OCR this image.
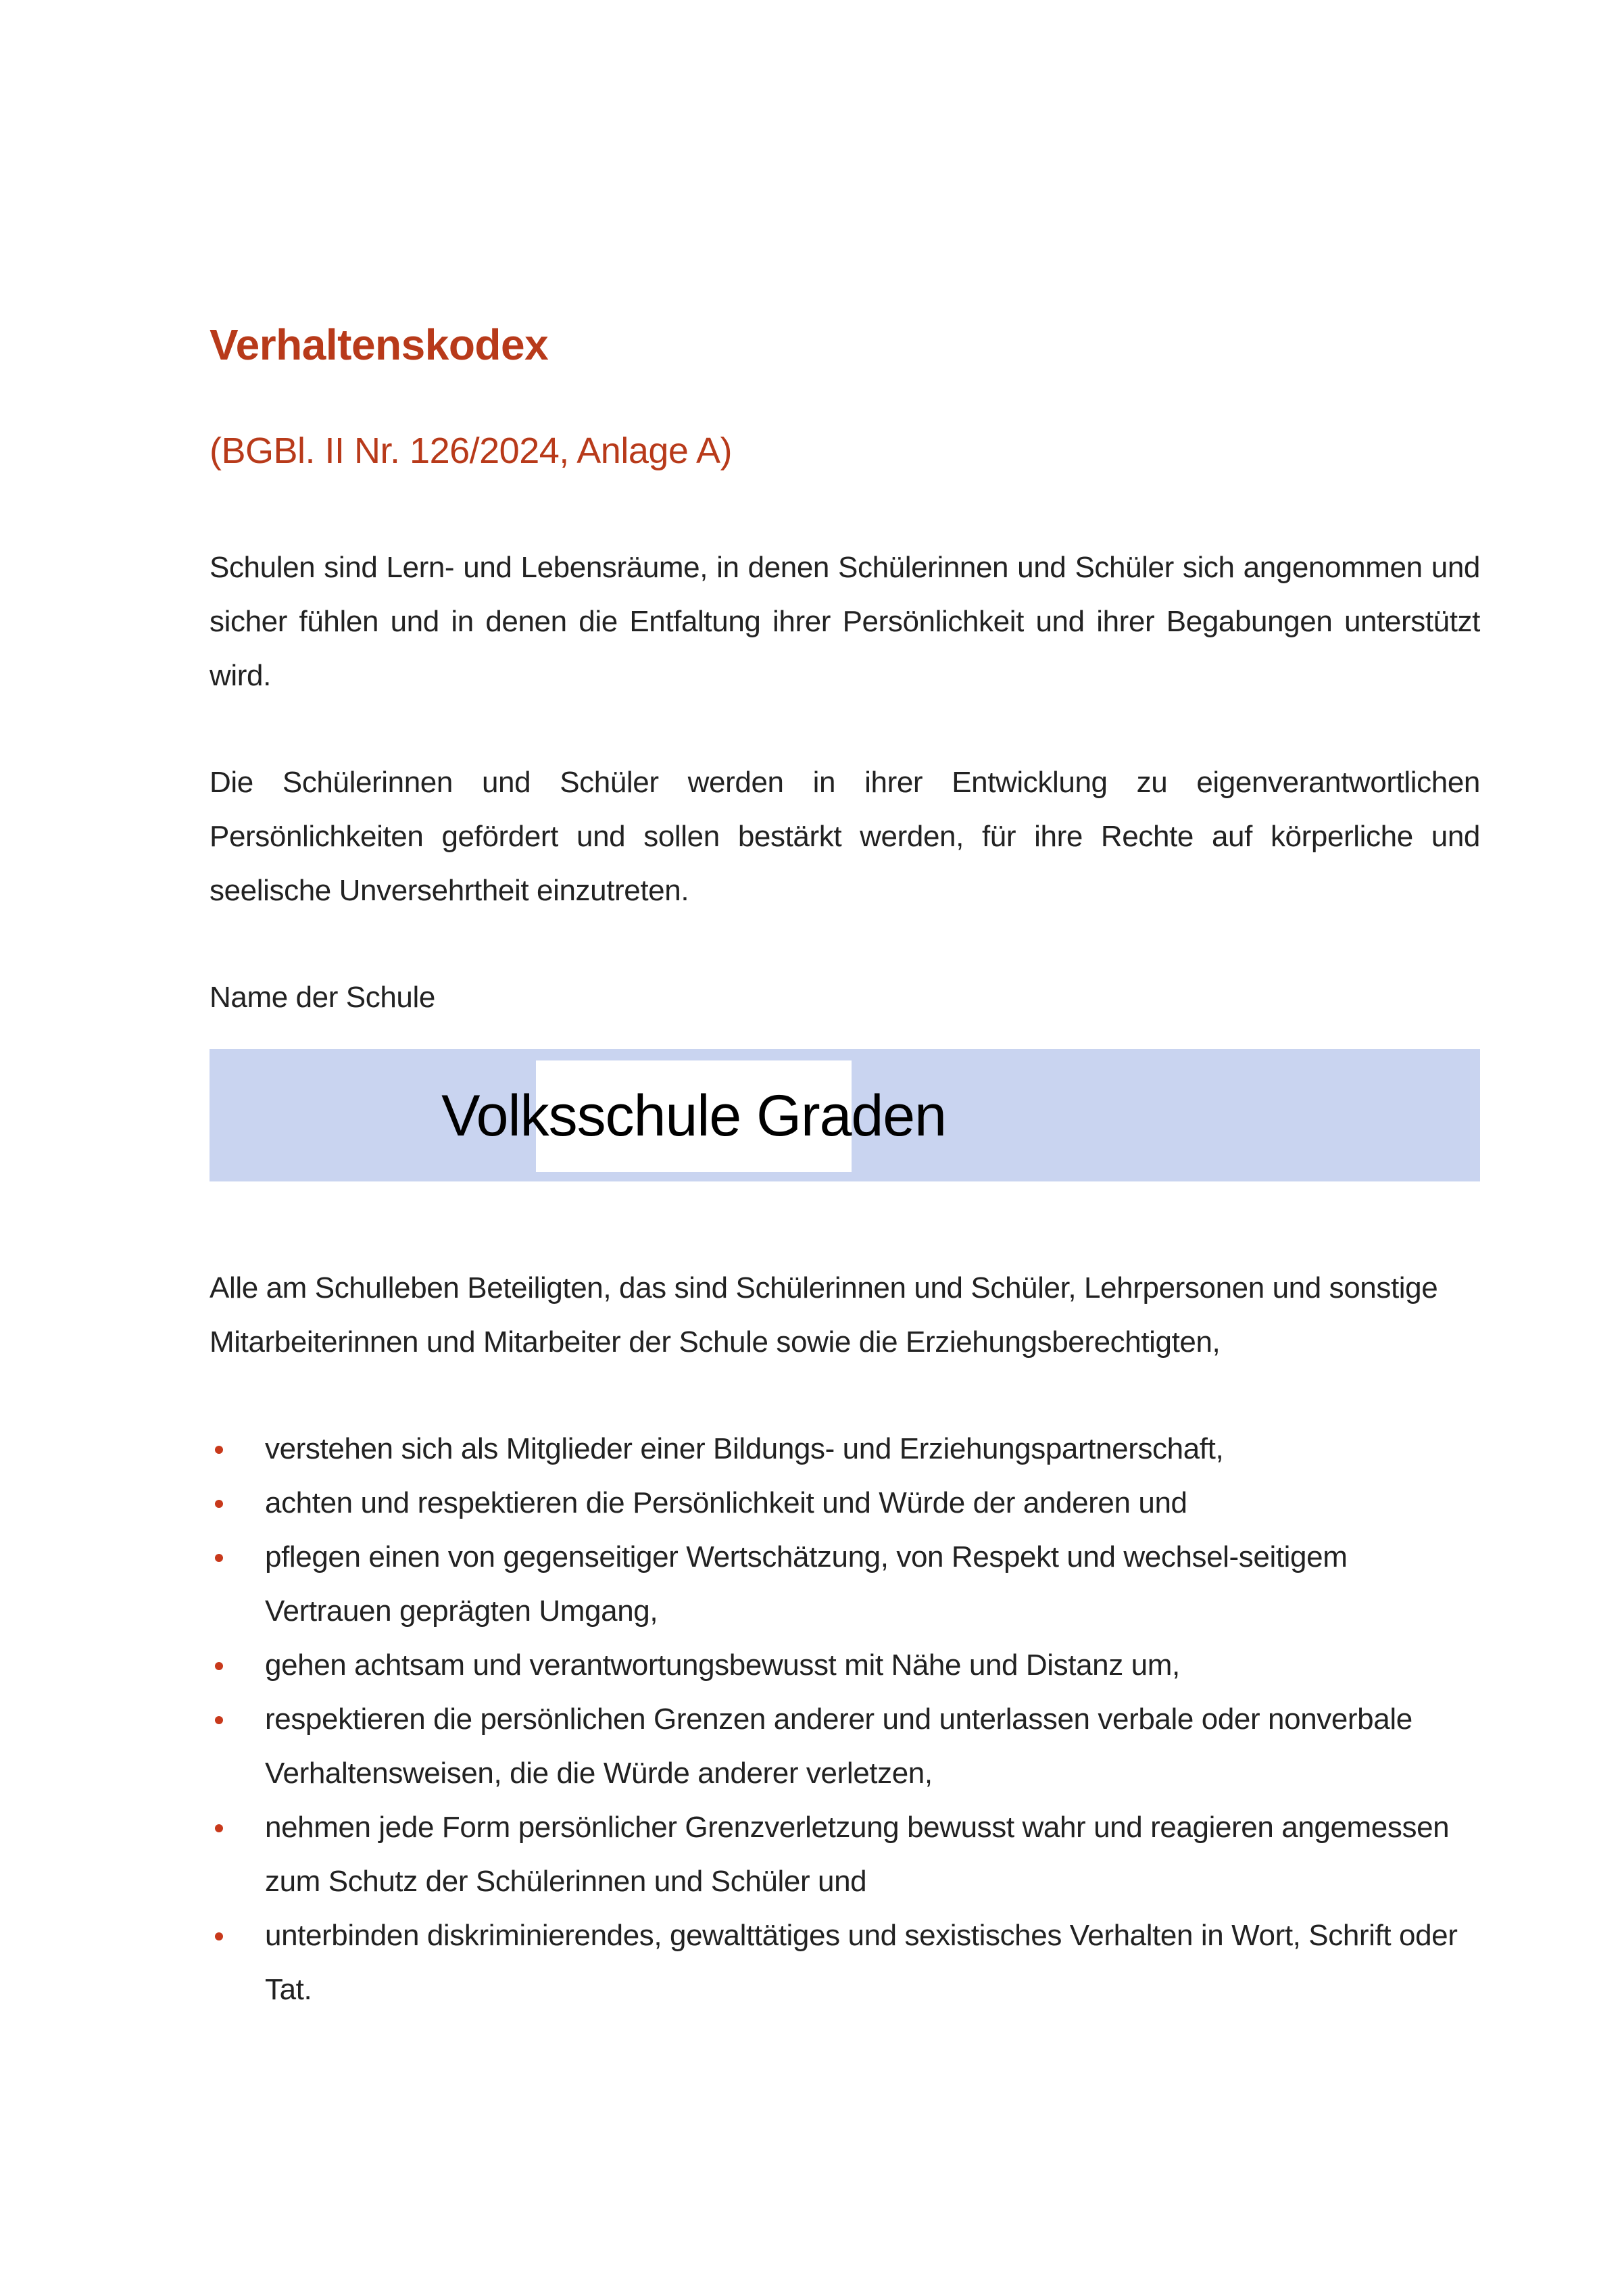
Verhaltenskodex
(BGBl. II Nr. 126/2024, Anlage A)

Schulen sind Lern- und Lebensräume, in denen Schülerinnen und Schüler sich angenommen und sicher fühlen und in denen die Entfaltung ihrer Persönlichkeit und ihrer Begabungen unterstützt wird.

Die Schülerinnen und Schüler werden in ihrer Entwicklung zu eigenverantwortlichen Persönlichkeiten gefördert und sollen bestärkt werden, für ihre Rechte auf körperliche und seelische Unversehrtheit einzutreten.

Name der Schule

Volksschule Graden

Alle am Schulleben Beteiligten, das sind Schülerinnen und Schüler, Lehrpersonen und sonstige Mitarbeiterinnen und Mitarbeiter der Schule sowie die Erziehungsberechtigten,

verstehen sich als Mitglieder einer Bildungs- und Erziehungspartnerschaft,
achten und respektieren die Persönlichkeit und Würde der anderen und
pflegen einen von gegenseitiger Wertschätzung, von Respekt und wechsel-seitigem Vertrauen geprägten Umgang,
gehen achtsam und verantwortungsbewusst mit Nähe und Distanz um,
respektieren die persönlichen Grenzen anderer und unterlassen verbale oder nonverbale Verhaltensweisen, die die Würde anderer verletzen,
nehmen jede Form persönlicher Grenzverletzung bewusst wahr und reagieren angemessen zum Schutz der Schülerinnen und Schüler und
unterbinden diskriminierendes, gewalttätiges und sexistisches Verhalten in Wort, Schrift oder Tat.
